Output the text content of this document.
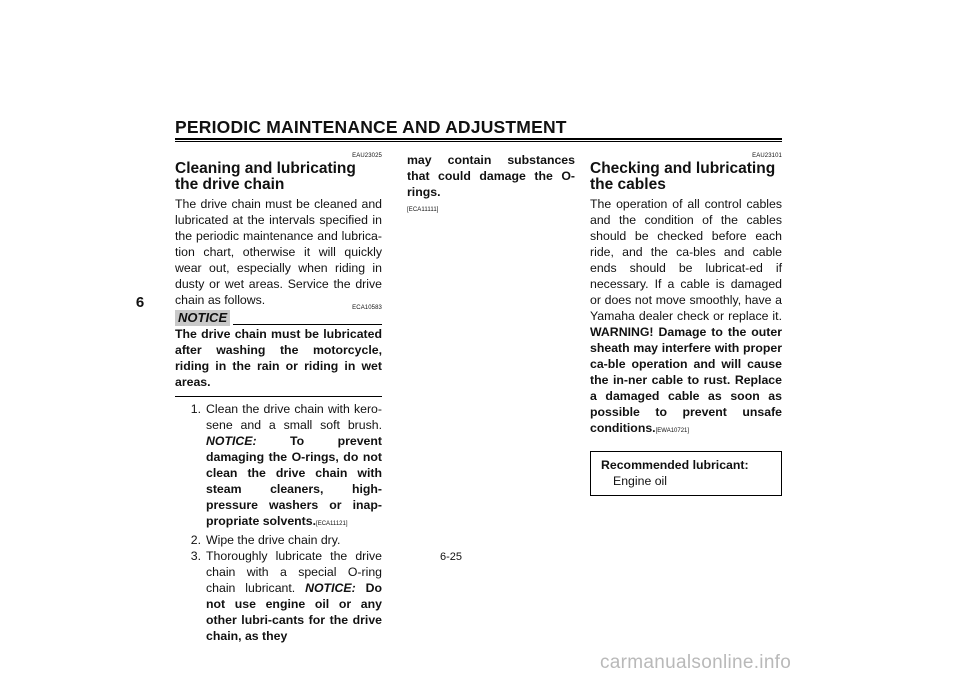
PERIODIC MAINTENANCE AND ADJUSTMENT
6
EAU23025
Cleaning and lubricating the drive chain

The drive chain must be cleaned and lubricated at the intervals specified in the periodic maintenance and lubrica-tion chart, otherwise it will quickly wear out, especially when riding in dusty or wet areas. Service the drive chain as follows.

NOTICE
ECA10583

The drive chain must be lubricated after washing the motorcycle, riding in the rain or riding in wet areas.

1. Clean the drive chain with kero-sene and a small soft brush. NOTICE:	To prevent damaging the O-rings, do not clean the drive chain with steam cleaners, high-pressure washers or inap-propriate solvents.[ECA11121]
2. Wipe the drive chain dry.
3. Thoroughly lubricate the drive chain with a special O-ring chain lubricant. NOTICE: Do not use engine oil or any other lubri-cants for the drive chain, as they

may contain substances that could damage the O-rings.

[ECA11111]
EAU23101
Checking and lubricating the cables

The operation of all control cables and the condition of the cables should be checked before each ride, and the ca-bles and cable ends should be lubricat-ed if necessary. If a cable is damaged or does not move smoothly, have a Yamaha dealer check or replace it. WARNING! Damage to the outer sheath may interfere with proper ca-ble operation and will cause the in-ner cable to rust. Replace a damaged cable as soon as possible to prevent unsafe conditions.[EWA10721]

Recommended lubricant:
Engine oil
6-25
carmanualsonline.info
